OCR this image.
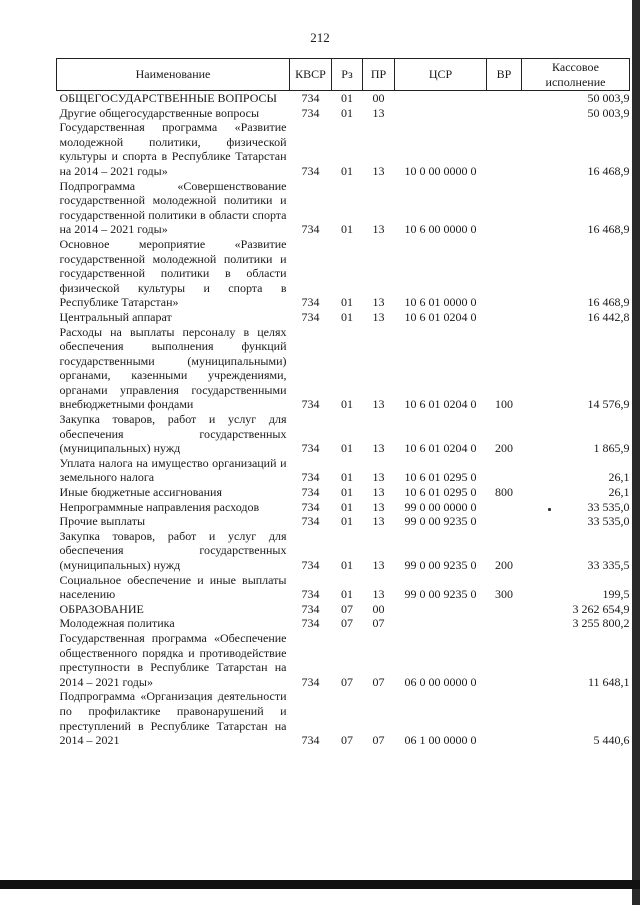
212
Наименование	КВСР	Рз	ПР	ЦСР	ВР	Кассовое
исполнение
ОБЩЕГОСУДАРСТВЕННЫЕ ВОПРОСЫ	734	01	00			50 003,9
Другие общегосударственные вопросы	734	01	13			50 003,9
Государственная программа «Развитие молодежной политики, физической культуры и спорта в Республике Татарстан на 2014 – 2021 годы»	734	01	13	10 0 00 0000 0		16 468,9
Подпрограмма «Совершенствование государственной молодежной политики и государственной политики в области спорта на 2014 – 2021 годы»	734	01	13	10 6 00 0000 0		16 468,9
Основное мероприятие «Развитие государственной молодежной политики и государственной политики в области физической культуры и спорта в Республике Татарстан»	734	01	13	10 6 01 0000 0		16 468,9
Центральный аппарат	734	01	13	10 6 01 0204 0		16 442,8
Расходы на выплаты персоналу в целях обеспечения выполнения функций государственными (муниципальными) органами, казенными учреждениями, органами управления государственными внебюджетными фондами	734	01	13	10 6 01 0204 0	100	14 576,9
Закупка товаров, работ и услуг для обеспечения государственных (муниципальных) нужд	734	01	13	10 6 01 0204 0	200	1 865,9
Уплата налога на имущество организаций и земельного налога	734	01	13	10 6 01 0295 0		26,1
Иные бюджетные ассигнования	734	01	13	10 6 01 0295 0	800	26,1
Непрограммные направления расходов	734	01	13	99 0 00 0000 0		33 535,0
Прочие выплаты	734	01	13	99 0 00 9235 0		33 535,0
Закупка товаров, работ и услуг для обеспечения государственных (муниципальных) нужд	734	01	13	99 0 00 9235 0	200	33 335,5
Социальное обеспечение и иные выплаты населению	734	01	13	99 0 00 9235 0	300	199,5
ОБРАЗОВАНИЕ	734	07	00			3 262 654,9
Молодежная политика	734	07	07			3 255 800,2
Государственная программа «Обеспечение общественного порядка и противодействие преступности в Республике Татарстан на 2014 – 2021 годы»	734	07	07	06 0 00 0000 0		11 648,1
Подпрограмма «Организация деятельности по профилактике правонарушений и преступлений в Республике Татарстан на 2014 – 2021	734	07	07	06 1 00 0000 0		5 440,6
